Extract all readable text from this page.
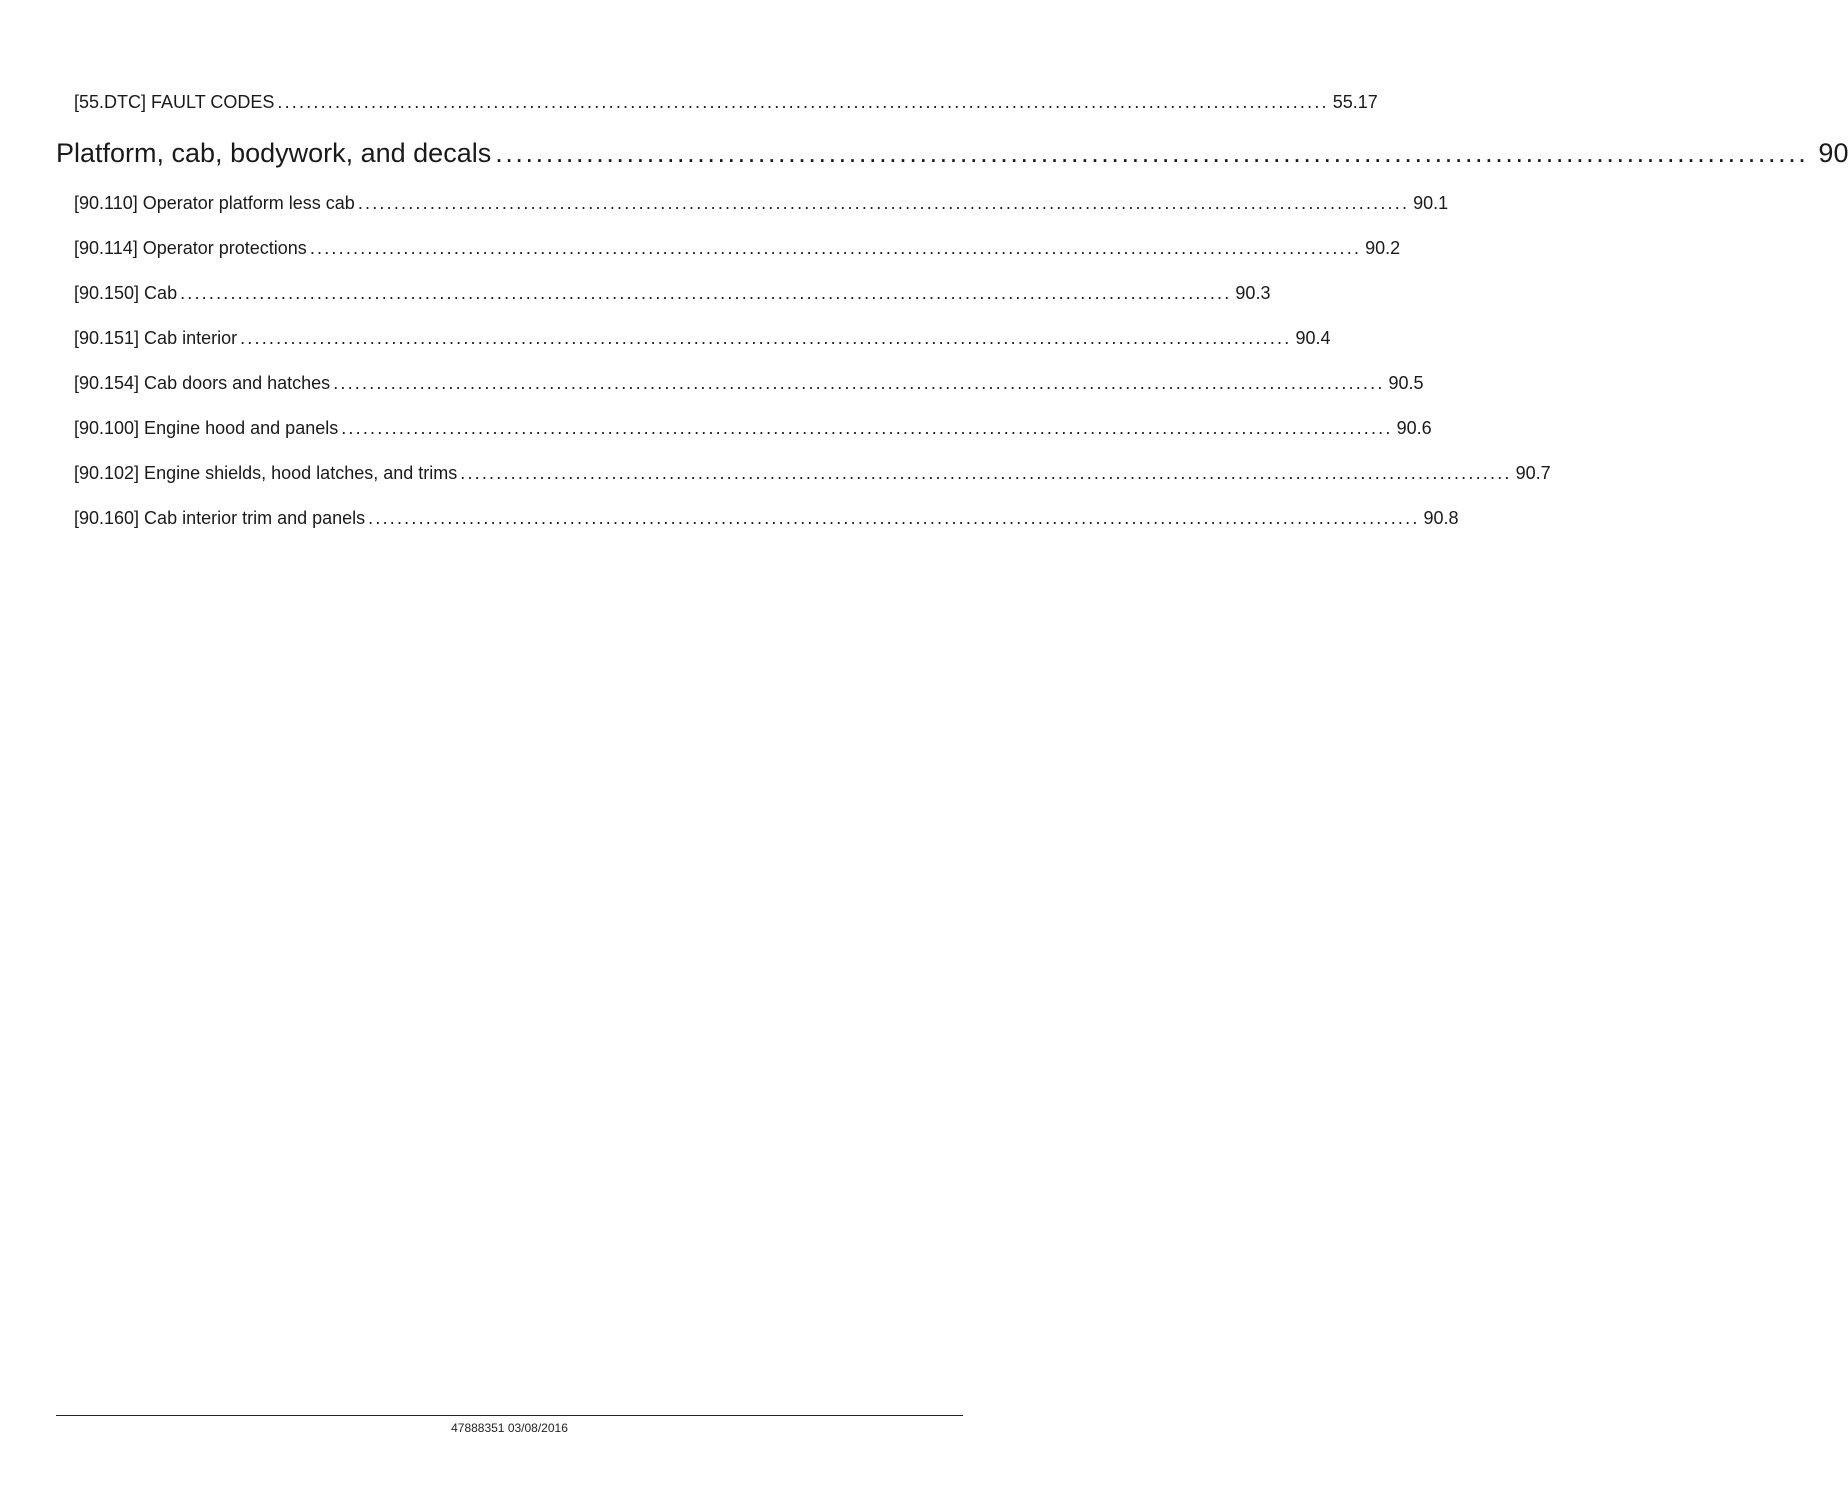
[55.DTC] FAULT CODES .................................................................................................................................................. 55.17
Platform, cab, bodywork, and decals .................................................................................................................................. 90
[90.110] Operator platform less cab .................................................................................................................................................. 90.1
[90.114] Operator protections .................................................................................................................................................. 90.2
[90.150] Cab .................................................................................................................................................. 90.3
[90.151] Cab interior .................................................................................................................................................. 90.4
[90.154] Cab doors and hatches .................................................................................................................................................. 90.5
[90.100] Engine hood and panels .................................................................................................................................................. 90.6
[90.102] Engine shields, hood latches, and trims .................................................................................................................................................. 90.7
[90.160] Cab interior trim and panels .................................................................................................................................................. 90.8
47888351 03/08/2016
